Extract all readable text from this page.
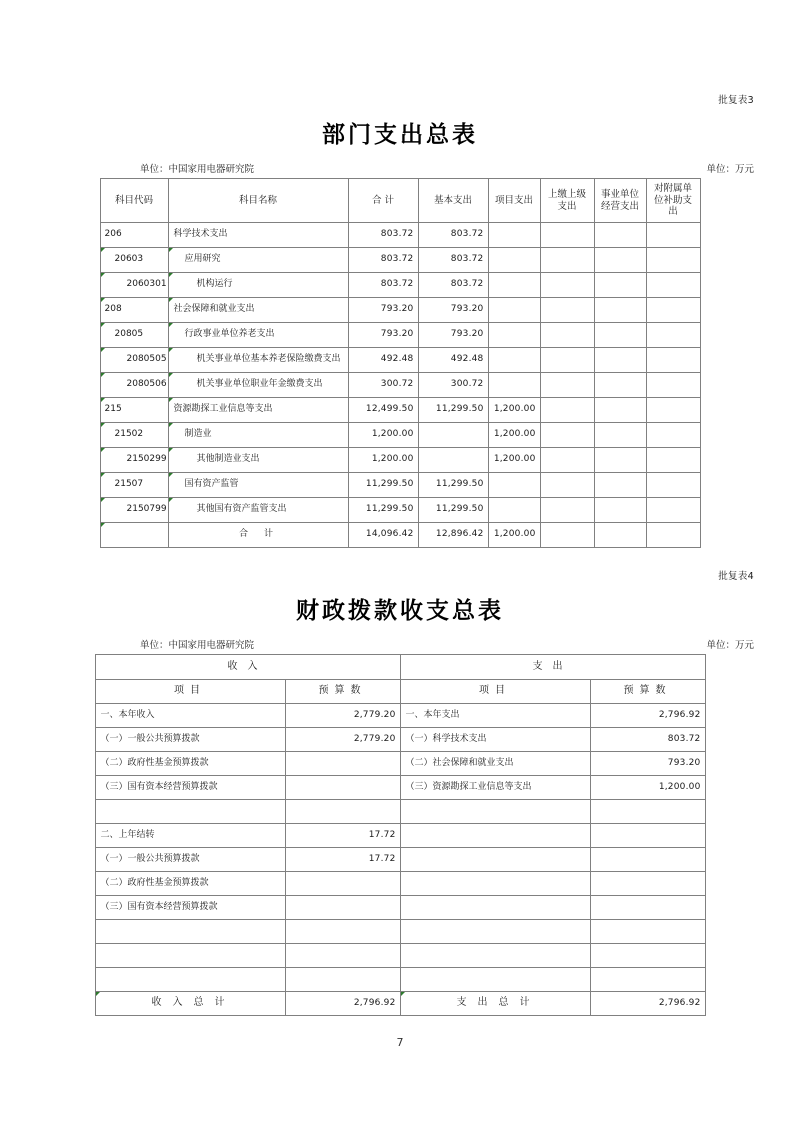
批复表3
部门支出总表
单位：中国家用电器研究院	单位：万元
科目代码	科目名称	合 计	基本支出	项目支出	上缴上级支出	事业单位经营支出	对附属单位补助支出
206	科学技术支出	803.72	803.72				
20603	应用研究	803.72	803.72				
2060301	机构运行	803.72	803.72				
208	社会保障和就业支出	793.20	793.20				
20805	行政事业单位养老支出	793.20	793.20				
2080505	机关事业单位基本养老保险缴费支出	492.48	492.48				
2080506	机关事业单位职业年金缴费支出	300.72	300.72				
215	资源勘探工业信息等支出	12,499.50	11,299.50	1,200.00			
21502	制造业	1,200.00		1,200.00			
2150299	其他制造业支出	1,200.00		1,200.00			
21507	国有资产监管	11,299.50	11,299.50				
2150799	其他国有资产监管支出	11,299.50	11,299.50				
	合计	14,096.42	12,896.42	1,200.00			
批复表4
财政拨款收支总表
单位：中国家用电器研究院	单位：万元
收入		支出	
项目	预算数	项目	预算数
一、本年收入	2,779.20	一、本年支出	2,796.92
（一）一般公共预算拨款	2,779.20	（一）科学技术支出	803.72
（二）政府性基金预算拨款		（二）社会保障和就业支出	793.20
（三）国有资本经营预算拨款		（三）资源勘探工业信息等支出	1,200.00

二、上年结转	17.72		
（一）一般公共预算拨款	17.72		
（二）政府性基金预算拨款			
（三）国有资本经营预算拨款			

收入总计	2,796.92	支出总计	2,796.92
7
